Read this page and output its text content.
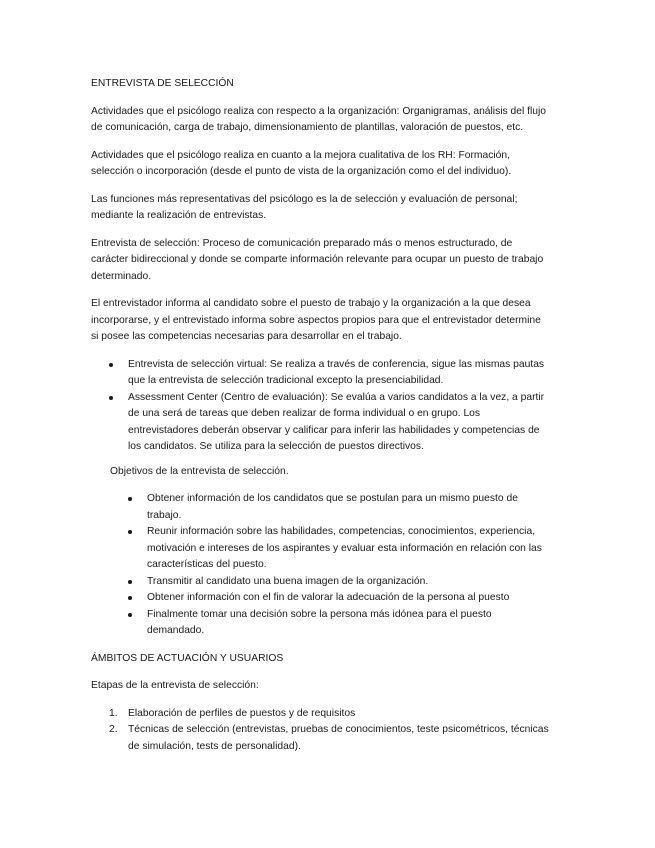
ENTREVISTA DE SELECCIÓN

Actividades que el psicólogo realiza con respecto a la organización: Organigramas, análisis del flujo de comunicación, carga de trabajo, dimensionamiento de plantillas, valoración de puestos, etc.

Actividades que el psicólogo realiza en cuanto a la mejora cualitativa de los RH: Formación, selección o incorporación (desde el punto de vista de la organización como el del individuo).

Las funciones más representativas del psicólogo es la de selección y evaluación de personal; mediante la realización de entrevistas.

Entrevista de selección: Proceso de comunicación preparado más o menos estructurado, de carácter bidireccional y donde se comparte información relevante para ocupar un puesto de trabajo determinado.

El entrevistador informa al candidato sobre el puesto de trabajo y la organización a la que desea incorporarse, y el entrevistado informa sobre aspectos propios para que el entrevistador determine si posee las competencias necesarias para desarrollar en el trabajo.

Entrevista de selección virtual: Se realiza a través de conferencia, sigue las mismas pautas que la entrevista de selección tradicional excepto la presenciabilidad.
Assessment Center (Centro de evaluación): Se evalúa a varios candidatos a la vez, a partir de una será de tareas que deben realizar de forma individual o en grupo. Los entrevistadores deberán observar y calificar para inferir las habilidades y competencias de los candidatos. Se utiliza para la selección de puestos directivos.

Objetivos de la entrevista de selección.

Obtener información de los candidatos que se postulan para un mismo puesto de trabajo.
Reunir información sobre las habilidades, competencias, conocimientos, experiencia, motivación e intereses de los aspirantes y evaluar esta información en relación con las características del puesto.
Transmitir al candidato una buena imagen de la organización.
Obtener información con el fin de valorar la adecuación de la persona al puesto
Finalmente tomar una decisión sobre la persona más idónea para el puesto demandado.

ÁMBITOS DE ACTUACIÓN Y USUARIOS

Etapas de la entrevista de selección:

1. Elaboración de perfiles de puestos y de requisitos
2. Técnicas de selección (entrevistas, pruebas de conocimientos, teste psicométricos, técnicas de simulación, tests de personalidad).
